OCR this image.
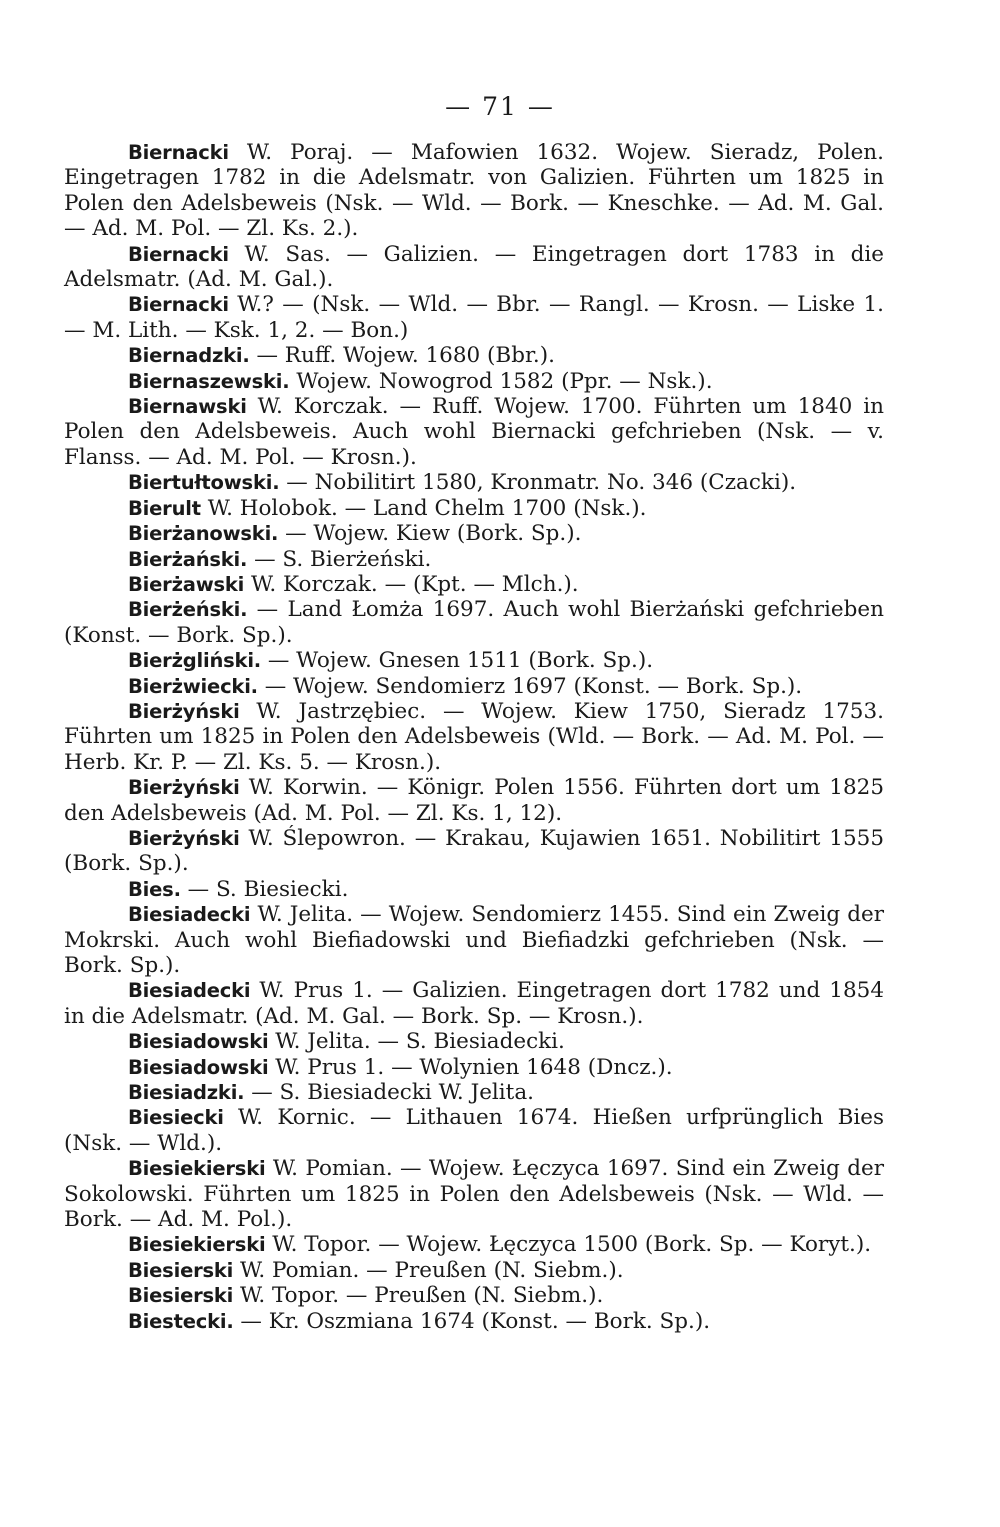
— 71 —

Biernacki W. Poraj. — Mafowien 1632. Wojew. Sieradz, Polen. Eingetragen 1782 in die Adelsmatr. von Galizien. Führten um 1825 in Polen den Adelsbeweis (Nsk. — Wld. — Bork. — Kneschke. — Ad. M. Gal. — Ad. M. Pol. — Zl. Ks. 2.).

Biernacki W. Sas. — Galizien. — Eingetragen dort 1783 in die Adelsmatr. (Ad. M. Gal.).

Biernacki W.? — (Nsk. — Wld. — Bbr. — Rangl. — Krosn. — Liske 1. — M. Lith. — Ksk. 1, 2. — Bon.)

Biernadzki. — Ruff. Wojew. 1680 (Bbr.).

Biernaszewski. Wojew. Nowogrod 1582 (Ppr. — Nsk.).

Biernawski W. Korczak. — Ruff. Wojew. 1700. Führten um 1840 in Polen den Adelsbeweis. Auch wohl Biernacki gefchrieben (Nsk. — v. Flanss. — Ad. M. Pol. — Krosn.).

Biertułtowski. — Nobilitirt 1580, Kronmatr. No. 346 (Czacki).

Bierult W. Holobok. — Land Chelm 1700 (Nsk.).

Bierżanowski. — Wojew. Kiew (Bork. Sp.).

Bierżański. — S. Bierżeński.

Bierżawski W. Korczak. — (Kpt. — Mlch.).

Bierżeński. — Land Łomża 1697. Auch wohl Bierżański gefchrieben (Konst. — Bork. Sp.).

Bierżgliński. — Wojew. Gnesen 1511 (Bork. Sp.).

Bierżwiecki. — Wojew. Sendomierz 1697 (Konst. — Bork. Sp.).

Bierżyński W. Jastrzębiec. — Wojew. Kiew 1750, Sieradz 1753. Führten um 1825 in Polen den Adelsbeweis (Wld. — Bork. — Ad. M. Pol. — Herb. Kr. P. — Zl. Ks. 5. — Krosn.).

Bierżyński W. Korwin. — Königr. Polen 1556. Führten dort um 1825 den Adelsbeweis (Ad. M. Pol. — Zl. Ks. 1, 12).

Bierżyński W. Ślepowron. — Krakau, Kujawien 1651. Nobilitirt 1555 (Bork. Sp.).

Bies. — S. Biesiecki.

Biesiadecki W. Jelita. — Wojew. Sendomierz 1455. Sind ein Zweig der Mokrski. Auch wohl Biefiadowski und Biefiadzki gefchrieben (Nsk. — Bork. Sp.).

Biesiadecki W. Prus 1. — Galizien. Eingetragen dort 1782 und 1854 in die Adelsmatr. (Ad. M. Gal. — Bork. Sp. — Krosn.).

Biesiadowski W. Jelita. — S. Biesiadecki.

Biesiadowski W. Prus 1. — Wolynien 1648 (Dncz.).

Biesiadzki. — S. Biesiadecki W. Jelita.

Biesiecki W. Kornic. — Lithauen 1674. Hießen urfprünglich Bies (Nsk. — Wld.).

Biesiekierski W. Pomian. — Wojew. Łęczyca 1697. Sind ein Zweig der Sokolowski. Führten um 1825 in Polen den Adelsbeweis (Nsk. — Wld. — Bork. — Ad. M. Pol.).

Biesiekierski W. Topor. — Wojew. Łęczyca 1500 (Bork. Sp. — Koryt.).

Biesierski W. Pomian. — Preußen (N. Siebm.).

Biesierski W. Topor. — Preußen (N. Siebm.).

Biestecki. — Kr. Oszmiana 1674 (Konst. — Bork. Sp.).
